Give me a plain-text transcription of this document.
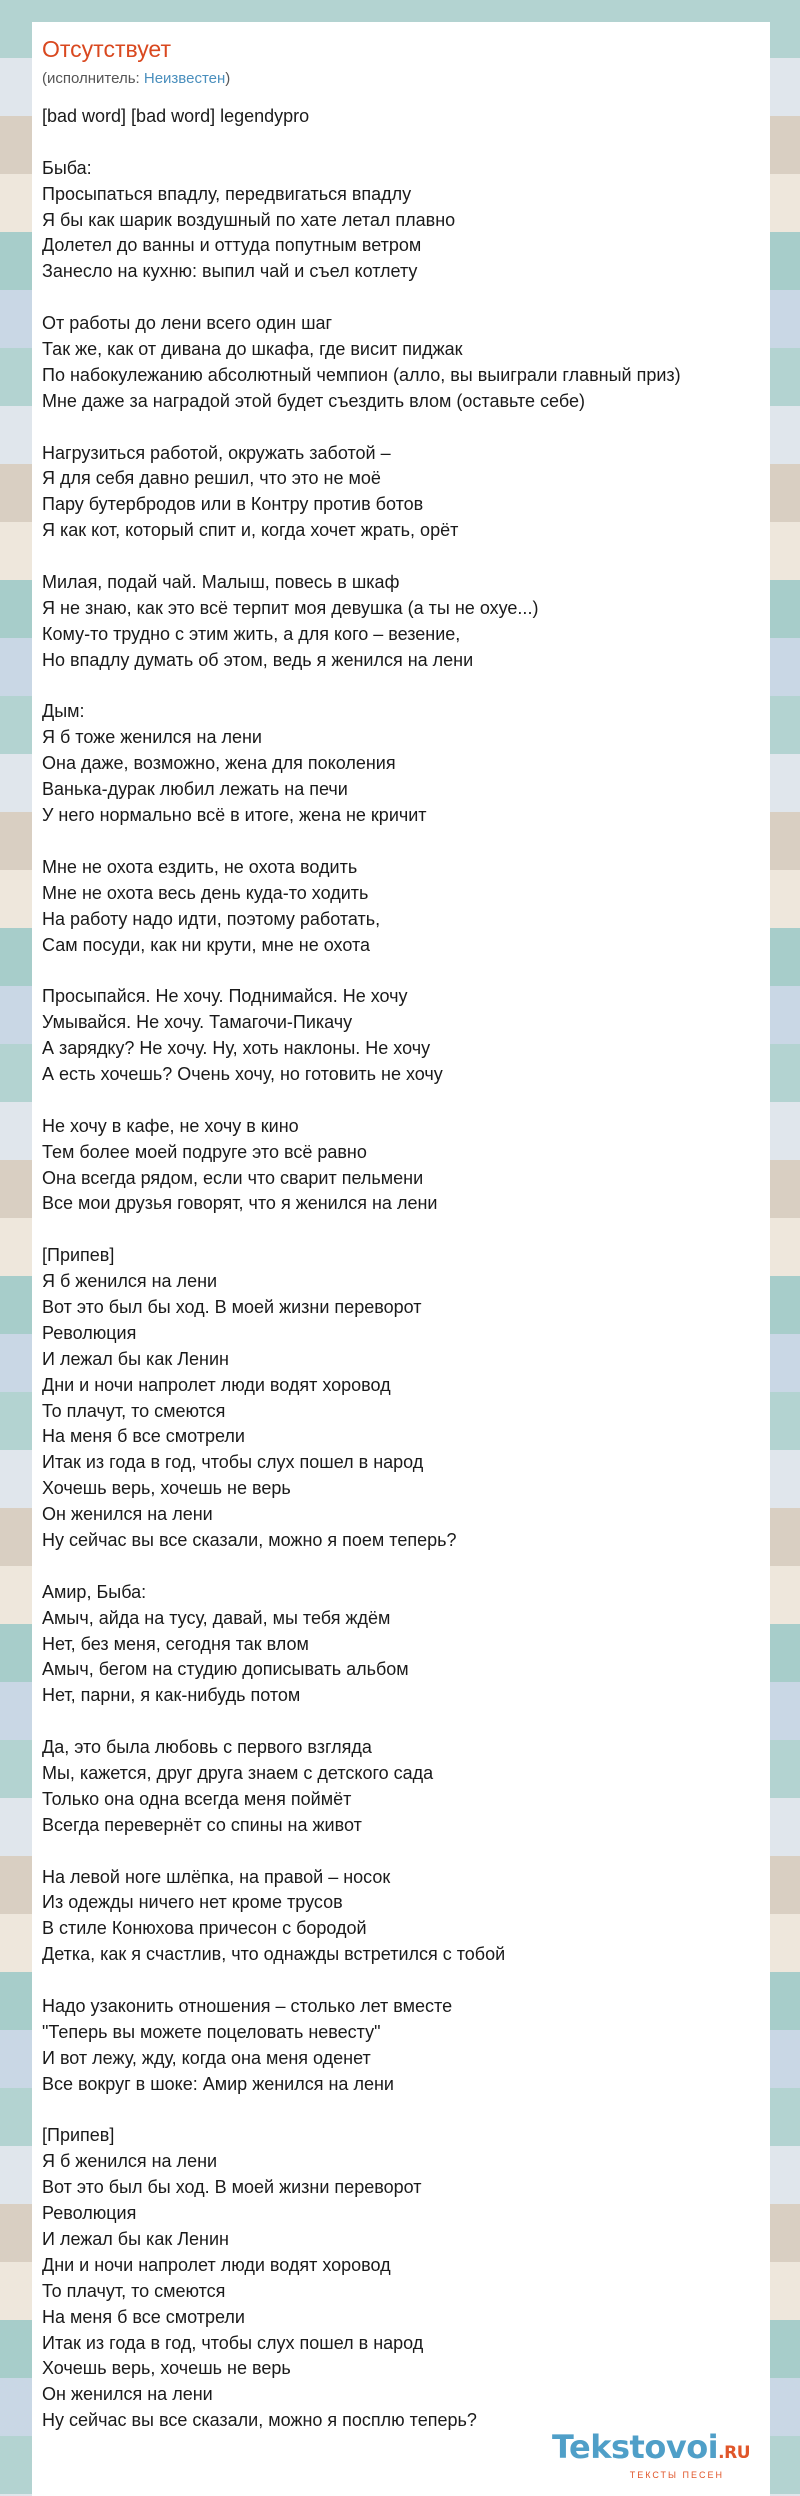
Отсутствует
(исполнитель: Неизвестен)
[bad word] [bad word] legendypro
Быба:
Просыпаться впадлу, передвигаться впадлу
Я бы как шарик воздушный по хате летал плавно
Долетел до ванны и оттуда попутным ветром
Занесло на кухню: выпил чай и съел котлету
От работы до лени всего один шаг
Так же, как от дивана до шкафа, где висит пиджак
По набокулежанию абсолютный чемпион (алло, вы выиграли главный приз)
Мне даже за наградой этой будет съездить влом (оставьте себе)
Нагрузиться работой, окружать заботой –
Я для себя давно решил, что это не моё
Пару бутербродов или в Контру против ботов
Я как кот, который спит и, когда хочет жрать, орёт
Милая, подай чай. Малыш, повесь в шкаф
Я не знаю, как это всё терпит моя девушка (а ты не охуе...)
Кому-то трудно с этим жить, а для кого – везение,
Но впадлу думать об этом, ведь я женился на лени
Дым:
Я б тоже женился на лени
Она даже, возможно, жена для поколения
Ванька-дурак любил лежать на печи
У него нормально всё в итоге, жена не кричит
Мне не охота ездить, не охота водить
Мне не охота весь день куда-то ходить
На работу надо идти, поэтому работать,
Сам посуди, как ни крути, мне не охота
Просыпайся. Не хочу. Поднимайся. Не хочу
Умывайся. Не хочу. Тамагочи-Пикачу
А зарядку? Не хочу. Ну, хоть наклоны. Не хочу
А есть хочешь? Очень хочу, но готовить не хочу
Не хочу в кафе, не хочу в кино
Тем более моей подруге это всё равно
Она всегда рядом, если что сварит пельмени
Все мои друзья говорят, что я женился на лени
[Припев]
Я б женился на лени
Вот это был бы ход. В моей жизни переворот
Революция
И лежал бы как Ленин
Дни и ночи напролет люди водят хоровод
То плачут, то смеются
На меня б все смотрели
Итак из года в год, чтобы слух пошел в народ
Хочешь верь, хочешь не верь
Он женился на лени
Ну сейчас вы все сказали, можно я поем теперь?
Амир, Быба:
Амыч, айда на тусу, давай, мы тебя ждём
Нет, без меня, сегодня так влом
Амыч, бегом на студию дописывать альбом
Нет, парни, я как-нибудь потом
Да, это была любовь с первого взгляда
Мы, кажется, друг друга знаем с детского сада
Только она одна всегда меня поймёт
Всегда перевернёт со спины на живот
На левой ноге шлёпка, на правой – носок
Из одежды ничего нет кроме трусов
В стиле Конюхова причесон с бородой
Детка, как я счастлив, что однажды встретился с тобой
Надо узаконить отношения – столько лет вместе
"Теперь вы можете поцеловать невесту"
И вот лежу, жду, когда она меня оденет
Все вокруг в шоке: Амир женился на лени
[Припев]
Я б женился на лени
Вот это был бы ход. В моей жизни переворот
Революция
И лежал бы как Ленин
Дни и ночи напролет люди водят хоровод
То плачут, то смеются
На меня б все смотрели
Итак из года в год, чтобы слух пошел в народ
Хочешь верь, хочешь не верь
Он женился на лени
Ну сейчас вы все сказали, можно я посплю теперь?
Tekstovoi.RU
ТЕКСТЫ ПЕСЕН
